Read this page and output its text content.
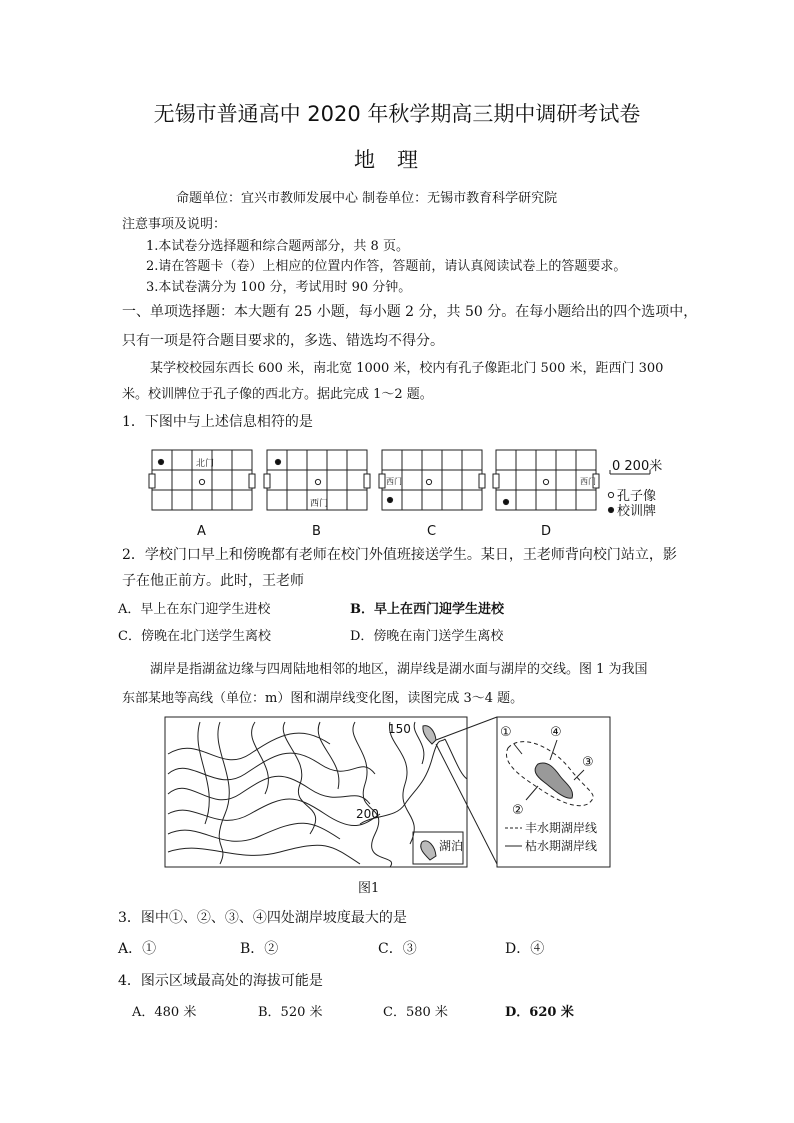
无锡市普通高中 2020 年秋学期高三期中调研考试卷
地理
命题单位：宜兴市教师发展中心 制卷单位：无锡市教育科学研究院
注意事项及说明：
1.本试卷分选择题和综合题两部分，共 8 页。
2.请在答题卡（卷）上相应的位置内作答，答题前，请认真阅读试卷上的答题要求。
3.本试卷满分为 100 分，考试用时 90 分钟。
一、单项选择题：本大题有 25 小题，每小题 2 分，共 50 分。在每小题给出的四个选项中，
只有一项是符合题目要求的，多选、错选均不得分。
某学校校园东西长 600 米，南北宽 1000 米，校内有孔子像距北门 500 米，距西门 300
米。校训牌位于孔子像的西北方。据此完成 1～2 题。
1．下图中与上述信息相符的是
北门
西门
西门	西门
0 200米
孔子像
校训牌
A	B	C	D
2．学校门口早上和傍晚都有老师在校门外值班接送学生。某日，王老师背向校门站立，影
子在他正前方。此时，王老师
A．早上在东门迎学生进校	B．早上在西门迎学生进校
C．傍晚在北门送学生离校	D．傍晚在南门送学生离校
湖岸是指湖盆边缘与四周陆地相邻的地区，湖岸线是湖水面与湖岸的交线。图 1 为我国
东部某地等高线（单位：m）图和湖岸线变化图，读图完成 3～4 题。
150
200
湖泊
①
②
③
④
丰水期湖岸线
枯水期湖岸线
图1
3．图中①、②、③、④四处湖岸坡度最大的是
A．①	B．②	C．③	D．④
4．图示区域最高处的海拔可能是
A．480 米	B．520 米	C．580 米	D．620 米
